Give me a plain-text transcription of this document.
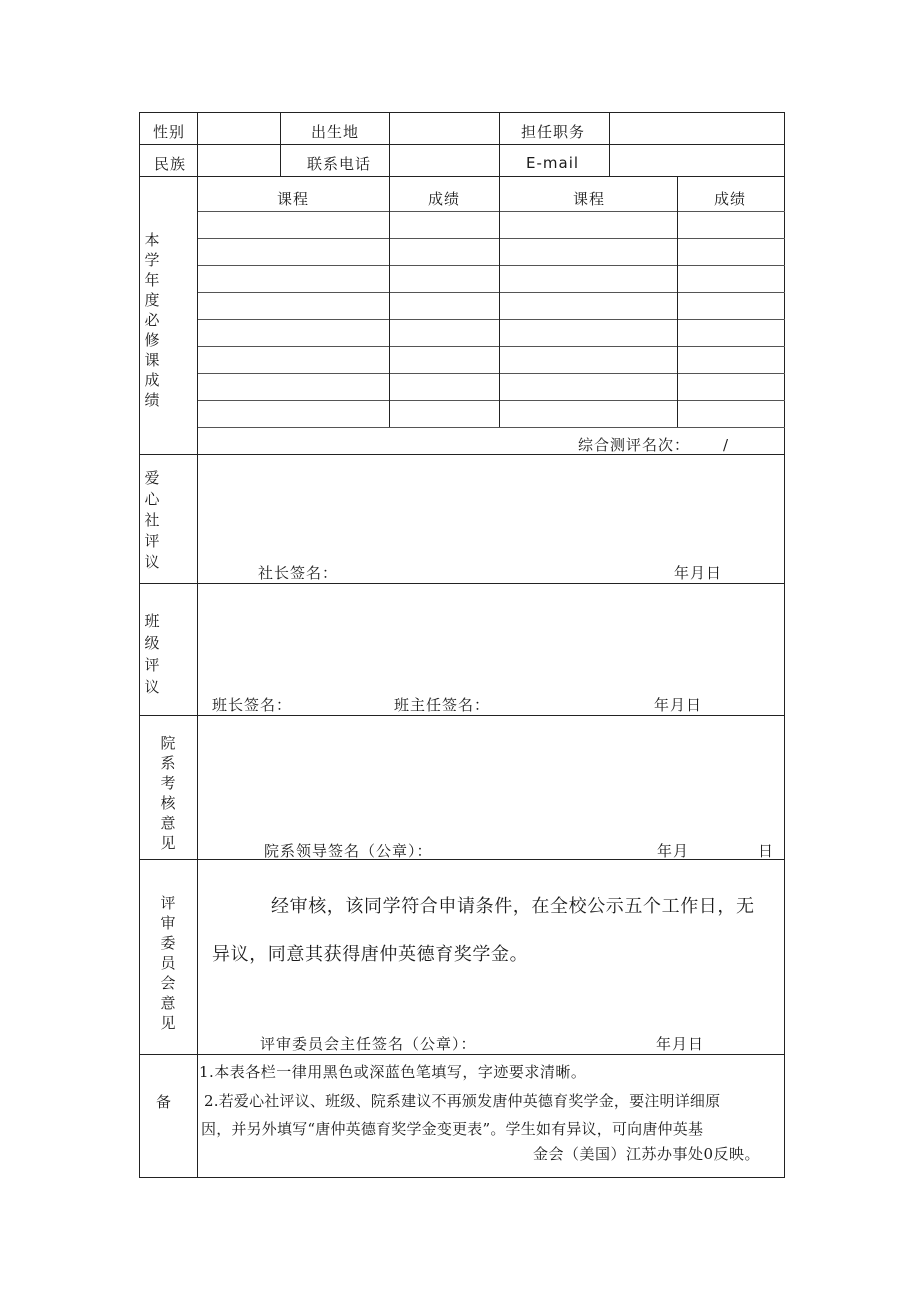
性别	出生地	担任职务
民族	联系电话	E-mail
本学年度必修课成绩
课程	成绩	课程	成绩
综合测评名次： /
爱心社评议
社长签名：	年月日
班级评议
班长签名：	班主任签名：	年月日
院系考核意见	院系领导签名（公章）：	年月	日
评审委员会意见
经审核，该同学符合申请条件，在全校公示五个工作日，无
异议，同意其获得唐仲英德育奖学金。
评审委员会主任签名（公章）：	年月日
备
1.本表各栏一律用黑色或深蓝色笔填写，字迹要求清晰。
2.若爱心社评议、班级、院系建议不再颁发唐仲英德育奖学金，要注明详细原
因，并另外填写“唐仲英德育奖学金变更表”。学生如有异议，可向唐仲英基
金会（美国）江苏办事处0反映。
